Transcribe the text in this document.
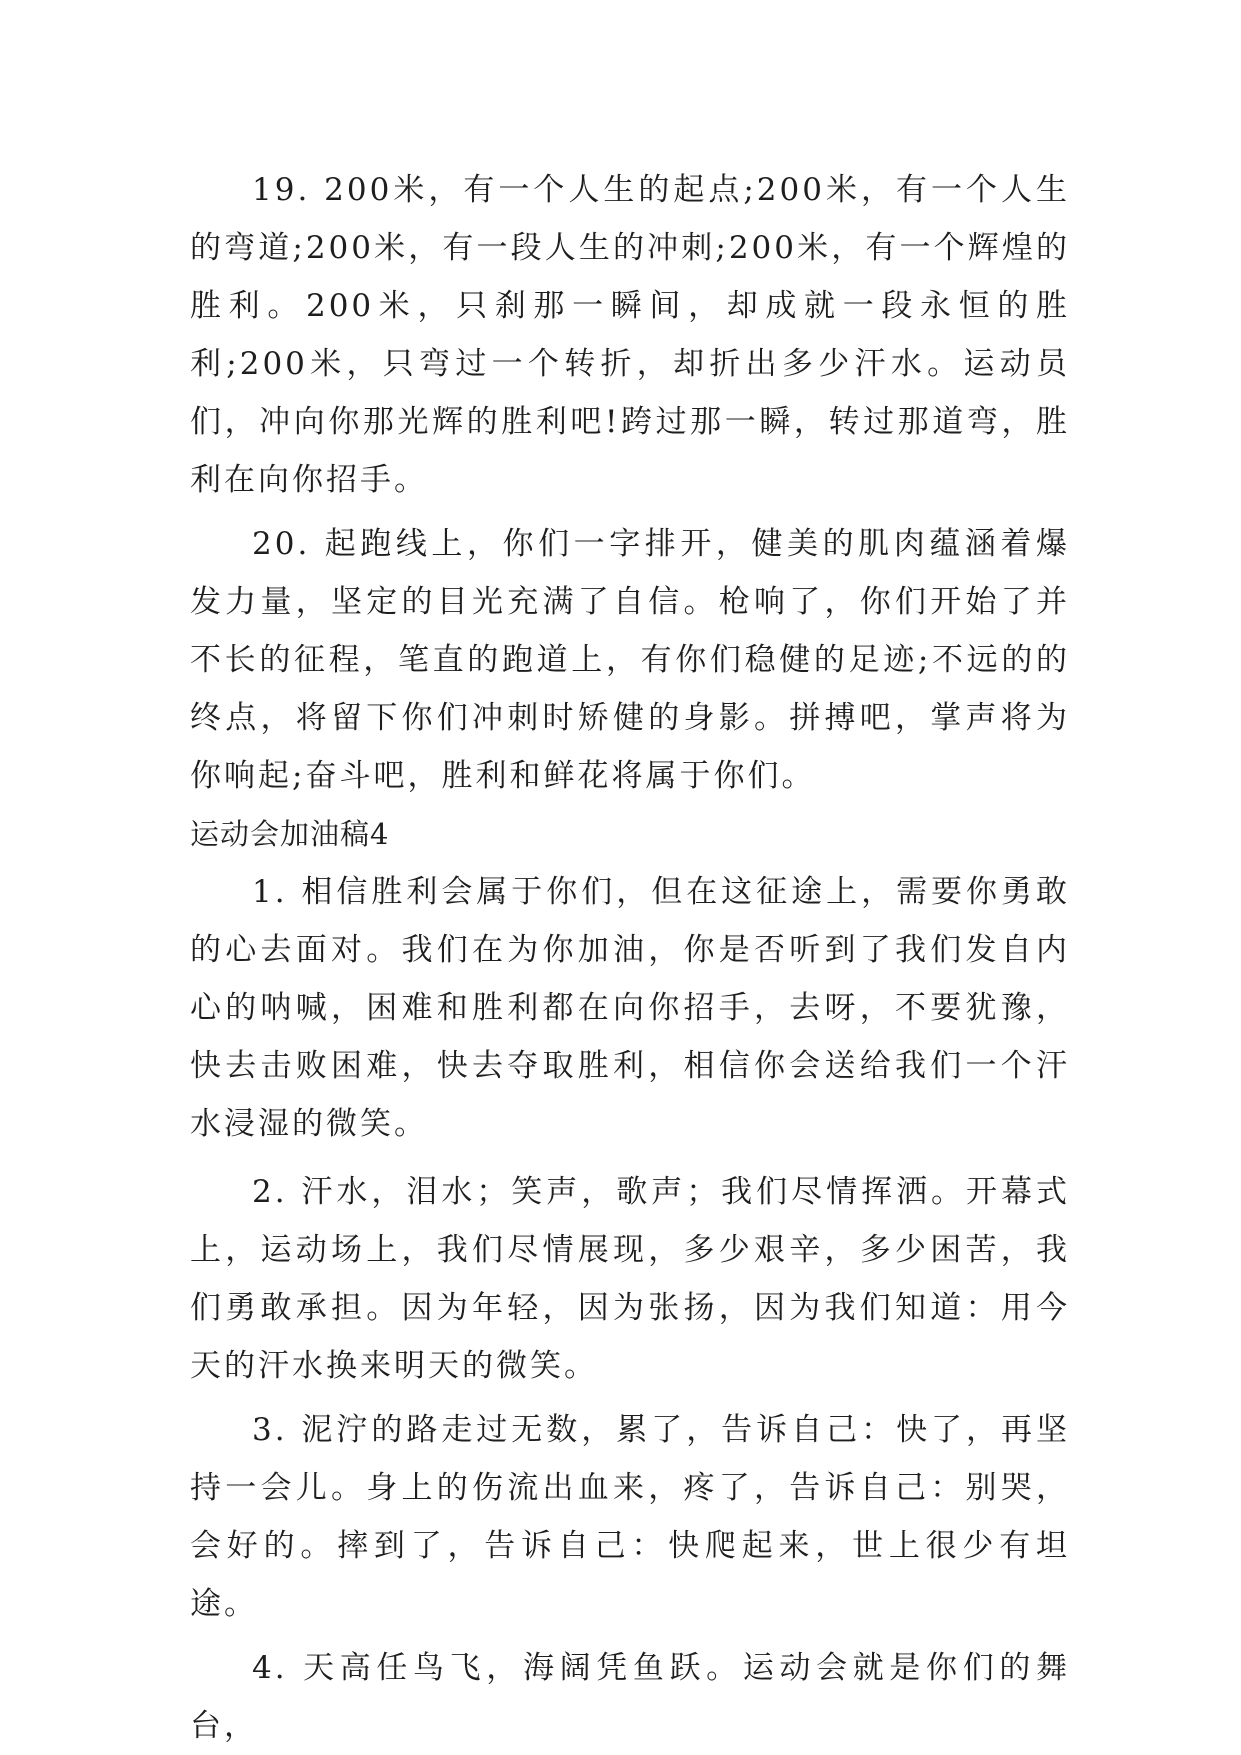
19. 200米，有一个人生的起点;200米，有一个人生的弯道;200米，有一段人生的冲刺;200米，有一个辉煌的胜利。200米，只刹那一瞬间，却成就一段永恒的胜利;200米，只弯过一个转折，却折出多少汗水。运动员们，冲向你那光辉的胜利吧!跨过那一瞬，转过那道弯，胜利在向你招手。

20. 起跑线上，你们一字排开，健美的肌肉蕴涵着爆发力量，坚定的目光充满了自信。枪响了，你们开始了并不长的征程，笔直的跑道上，有你们稳健的足迹;不远的的终点，将留下你们冲刺时矫健的身影。拼搏吧，掌声将为你响起;奋斗吧，胜利和鲜花将属于你们。

运动会加油稿4

1. 相信胜利会属于你们，但在这征途上，需要你勇敢的心去面对。我们在为你加油，你是否听到了我们发自内心的呐喊，困难和胜利都在向你招手，去呀，不要犹豫，快去击败困难，快去夺取胜利，相信你会送给我们一个汗水浸湿的微笑。

2. 汗水，泪水；笑声，歌声；我们尽情挥洒。开幕式上，运动场上，我们尽情展现，多少艰辛，多少困苦，我们勇敢承担。因为年轻，因为张扬，因为我们知道：用今天的汗水换来明天的微笑。

3. 泥泞的路走过无数，累了，告诉自己：快了，再坚持一会儿。身上的伤流出血来，疼了，告诉自己：别哭，会好的。摔到了，告诉自己：快爬起来，世上很少有坦途。

4. 天高任鸟飞，海阔凭鱼跃。运动会就是你们的舞台，
